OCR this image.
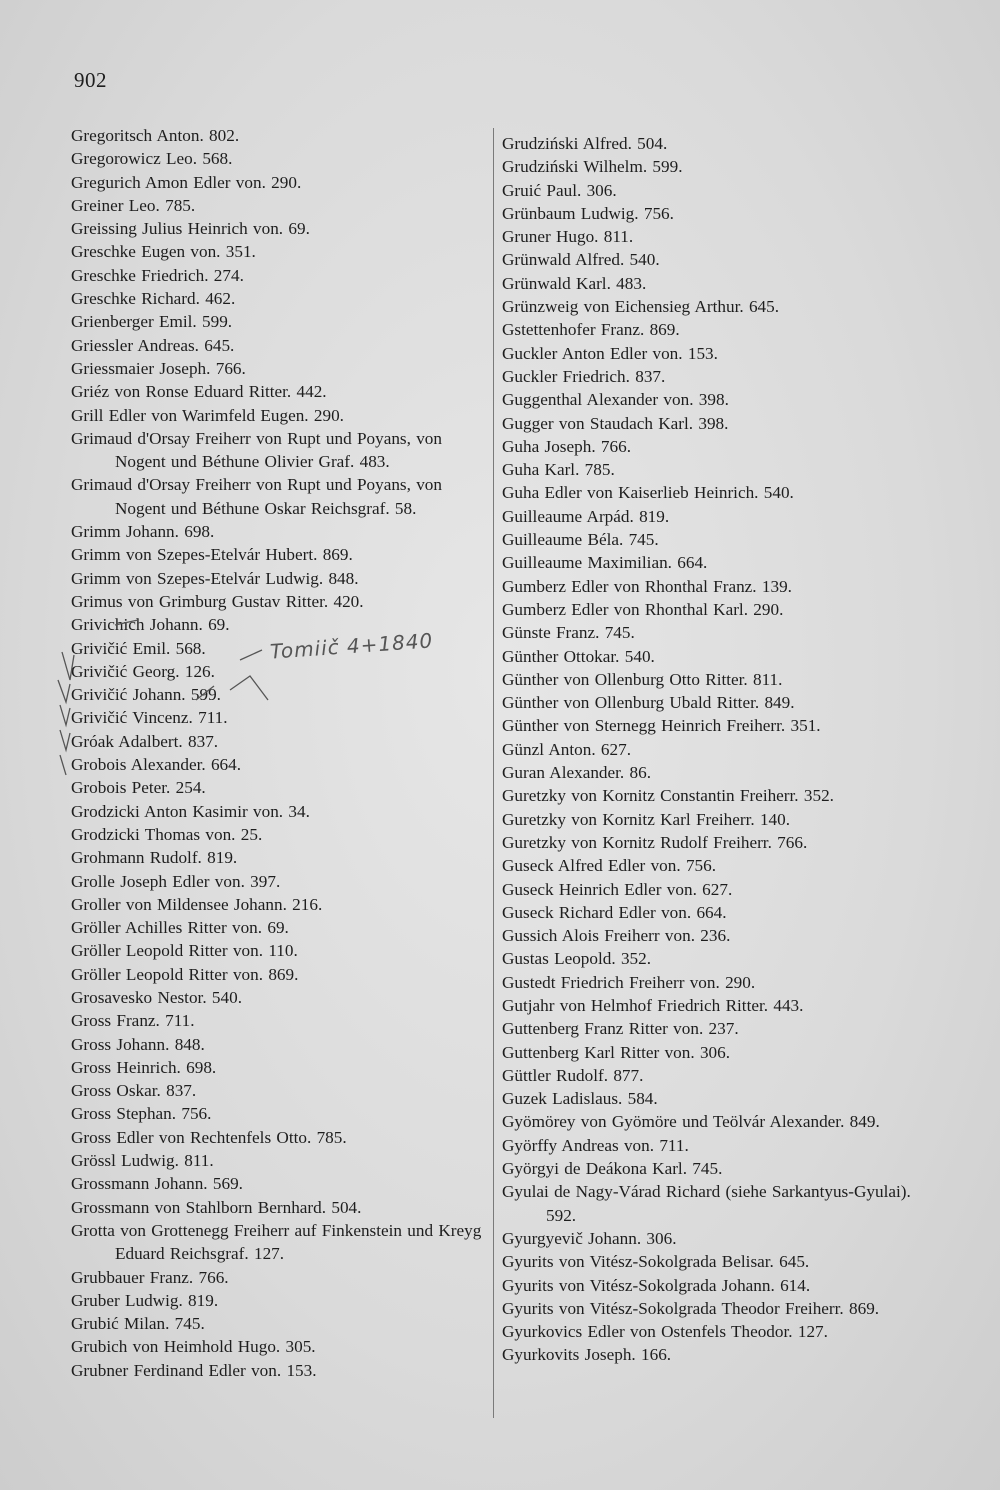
902
Gregoritsch Anton. 802.
Gregorowicz Leo. 568.
Gregurich Amon Edler von. 290.
Greiner Leo. 785.
Greissing Julius Heinrich von. 69.
Greschke Eugen von. 351.
Greschke Friedrich. 274.
Greschke Richard. 462.
Grienberger Emil. 599.
Griessler Andreas. 645.
Griessmaier Joseph. 766.
Griéz von Ronse Eduard Ritter. 442.
Grill Edler von Warimfeld Eugen. 290.
Grimaud d'Orsay Freiherr von Rupt und Poyans, von Nogent und Béthune Olivier Graf. 483.
Grimaud d'Orsay Freiherr von Rupt und Poyans, von Nogent und Béthune Oskar Reichsgraf. 58.
Grimm Johann. 698.
Grimm von Szepes-Etelvár Hubert. 869.
Grimm von Szepes-Etelvár Ludwig. 848.
Grimus von Grimburg Gustav Ritter. 420.
Grivichich Johann. 69.
Grivičić Emil. 568.
Grivičić Georg. 126.
Grivičić Johann. 599.
Grivičić Vincenz. 711.
Gróak Adalbert. 837.
Grobois Alexander. 664.
Grobois Peter. 254.
Grodzicki Anton Kasimir von. 34.
Grodzicki Thomas von. 25.
Grohmann Rudolf. 819.
Grolle Joseph Edler von. 397.
Groller von Mildensee Johann. 216.
Gröller Achilles Ritter von. 69.
Gröller Leopold Ritter von. 110.
Gröller Leopold Ritter von. 869.
Grosavesko Nestor. 540.
Gross Franz. 711.
Gross Johann. 848.
Gross Heinrich. 698.
Gross Oskar. 837.
Gross Stephan. 756.
Gross Edler von Rechtenfels Otto. 785.
Grössl Ludwig. 811.
Grossmann Johann. 569.
Grossmann von Stahlborn Bernhard. 504.
Grotta von Grottenegg Freiherr auf Finkenstein und Kreyg Eduard Reichsgraf. 127.
Grubbauer Franz. 766.
Gruber Ludwig. 819.
Grubić Milan. 745.
Grubich von Heimhold Hugo. 305.
Grubner Ferdinand Edler von. 153.
Grudziński Alfred. 504.
Grudziński Wilhelm. 599.
Gruić Paul. 306.
Grünbaum Ludwig. 756.
Gruner Hugo. 811.
Grünwald Alfred. 540.
Grünwald Karl. 483.
Grünzweig von Eichensieg Arthur. 645.
Gstettenhofer Franz. 869.
Guckler Anton Edler von. 153.
Guckler Friedrich. 837.
Guggenthal Alexander von. 398.
Gugger von Staudach Karl. 398.
Guha Joseph. 766.
Guha Karl. 785.
Guha Edler von Kaiserlieb Heinrich. 540.
Guilleaume Arpád. 819.
Guilleaume Béla. 745.
Guilleaume Maximilian. 664.
Gumberz Edler von Rhonthal Franz. 139.
Gumberz Edler von Rhonthal Karl. 290.
Günste Franz. 745.
Günther Ottokar. 540.
Günther von Ollenburg Otto Ritter. 811.
Günther von Ollenburg Ubald Ritter. 849.
Günther von Sternegg Heinrich Freiherr. 351.
Günzl Anton. 627.
Guran Alexander. 86.
Guretzky von Kornitz Constantin Freiherr. 352.
Guretzky von Kornitz Karl Freiherr. 140.
Guretzky von Kornitz Rudolf Freiherr. 766.
Guseck Alfred Edler von. 756.
Guseck Heinrich Edler von. 627.
Guseck Richard Edler von. 664.
Gussich Alois Freiherr von. 236.
Gustas Leopold. 352.
Gustedt Friedrich Freiherr von. 290.
Gutjahr von Helmhof Friedrich Ritter. 443.
Guttenberg Franz Ritter von. 237.
Guttenberg Karl Ritter von. 306.
Güttler Rudolf. 877.
Guzek Ladislaus. 584.
Gyömörey von Gyömöre und Teölvár Alexander. 849.
Györffy Andreas von. 711.
Györgyi de Deákona Karl. 745.
Gyulai de Nagy-Várad Richard (siehe Sarkantyus-Gyulai). 592.
Gyurgyevič Johann. 306.
Gyurits von Vitész-Sokolgrada Belisar. 645.
Gyurits von Vitész-Sokolgrada Johann. 614.
Gyurits von Vitész-Sokolgrada Theodor Freiherr. 869.
Gyurkovics Edler von Ostenfels Theodor. 127.
Gyurkovits Joseph. 166.
Tomiič 4+1840
